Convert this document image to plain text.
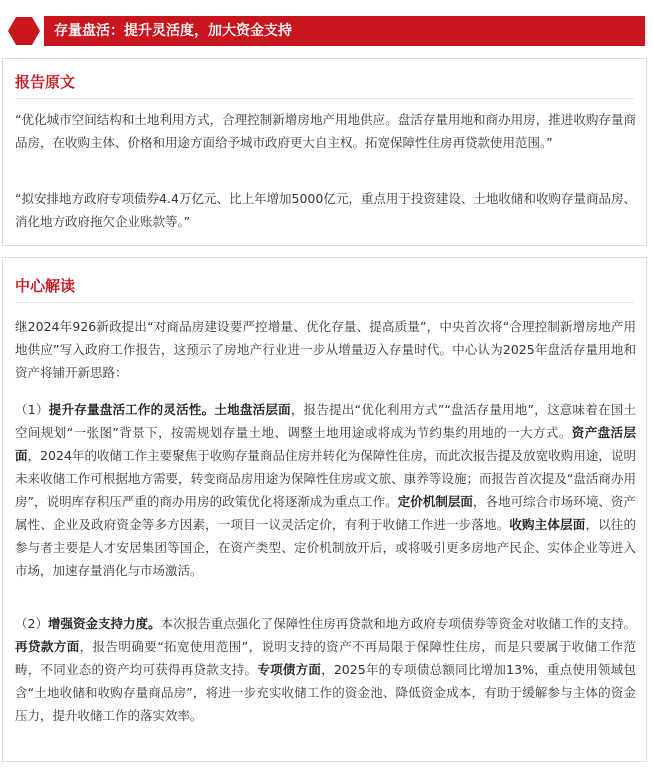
存量盘活：提升灵活度，加大资金支持
报告原文

“优化城市空间结构和土地利用方式，合理控制新增房地产用地供应。盘活存量用地和商办用房，推进收购存量商品房，在收购主体、价格和用途方面给予城市政府更大自主权。拓宽保障性住房再贷款使用范围。”

“拟安排地方政府专项债券4.4万亿元、比上年增加5000亿元，重点用于投资建设、土地收储和收购存量商品房、消化地方政府拖欠企业账款等。”

中心解读

继2024年926新政提出“对商品房建设要严控增量、优化存量、提高质量”，中央首次将“合理控制新增房地产用地供应”写入政府工作报告，这预示了房地产行业进一步从增量迈入存量时代。中心认为2025年盘活存量用地和资产将铺开新思路：

（1）提升存量盘活工作的灵活性。土地盘活层面，报告提出“优化利用方式”“盘活存量用地”，这意味着在国土空间规划“一张图”背景下，按需规划存量土地、调整土地用途或将成为节约集约用地的一大方式。资产盘活层面，2024年的收储工作主要聚焦于收购存量商品住房并转化为保障性住房，而此次报告提及放宽收购用途，说明未来收储工作可根据地方需要，转变商品房用途为保障性住房或文旅、康养等设施；而报告首次提及“盘活商办用房”，说明库存积压严重的商办用房的政策优化将逐渐成为重点工作。定价机制层面，各地可综合市场环境、资产属性、企业及政府资金等多方因素，一项目一议灵活定价，有利于收储工作进一步落地。收购主体层面，以往的参与者主要是人才安居集团等国企，在资产类型、定价机制放开后，或将吸引更多房地产民企、实体企业等进入市场，加速存量消化与市场激活。

（2）增强资金支持力度。本次报告重点强化了保障性住房再贷款和地方政府专项债券等资金对收储工作的支持。再贷款方面，报告明确要“拓宽使用范围”，说明支持的资产不再局限于保障性住房，而是只要属于收储工作范畴，不同业态的资产均可获得再贷款支持。专项债方面，2025年的专项债总额同比增加13%，重点使用领域包含“土地收储和收购存量商品房”，将进一步充实收储工作的资金池、降低资金成本，有助于缓解参与主体的资金压力，提升收储工作的落实效率。
